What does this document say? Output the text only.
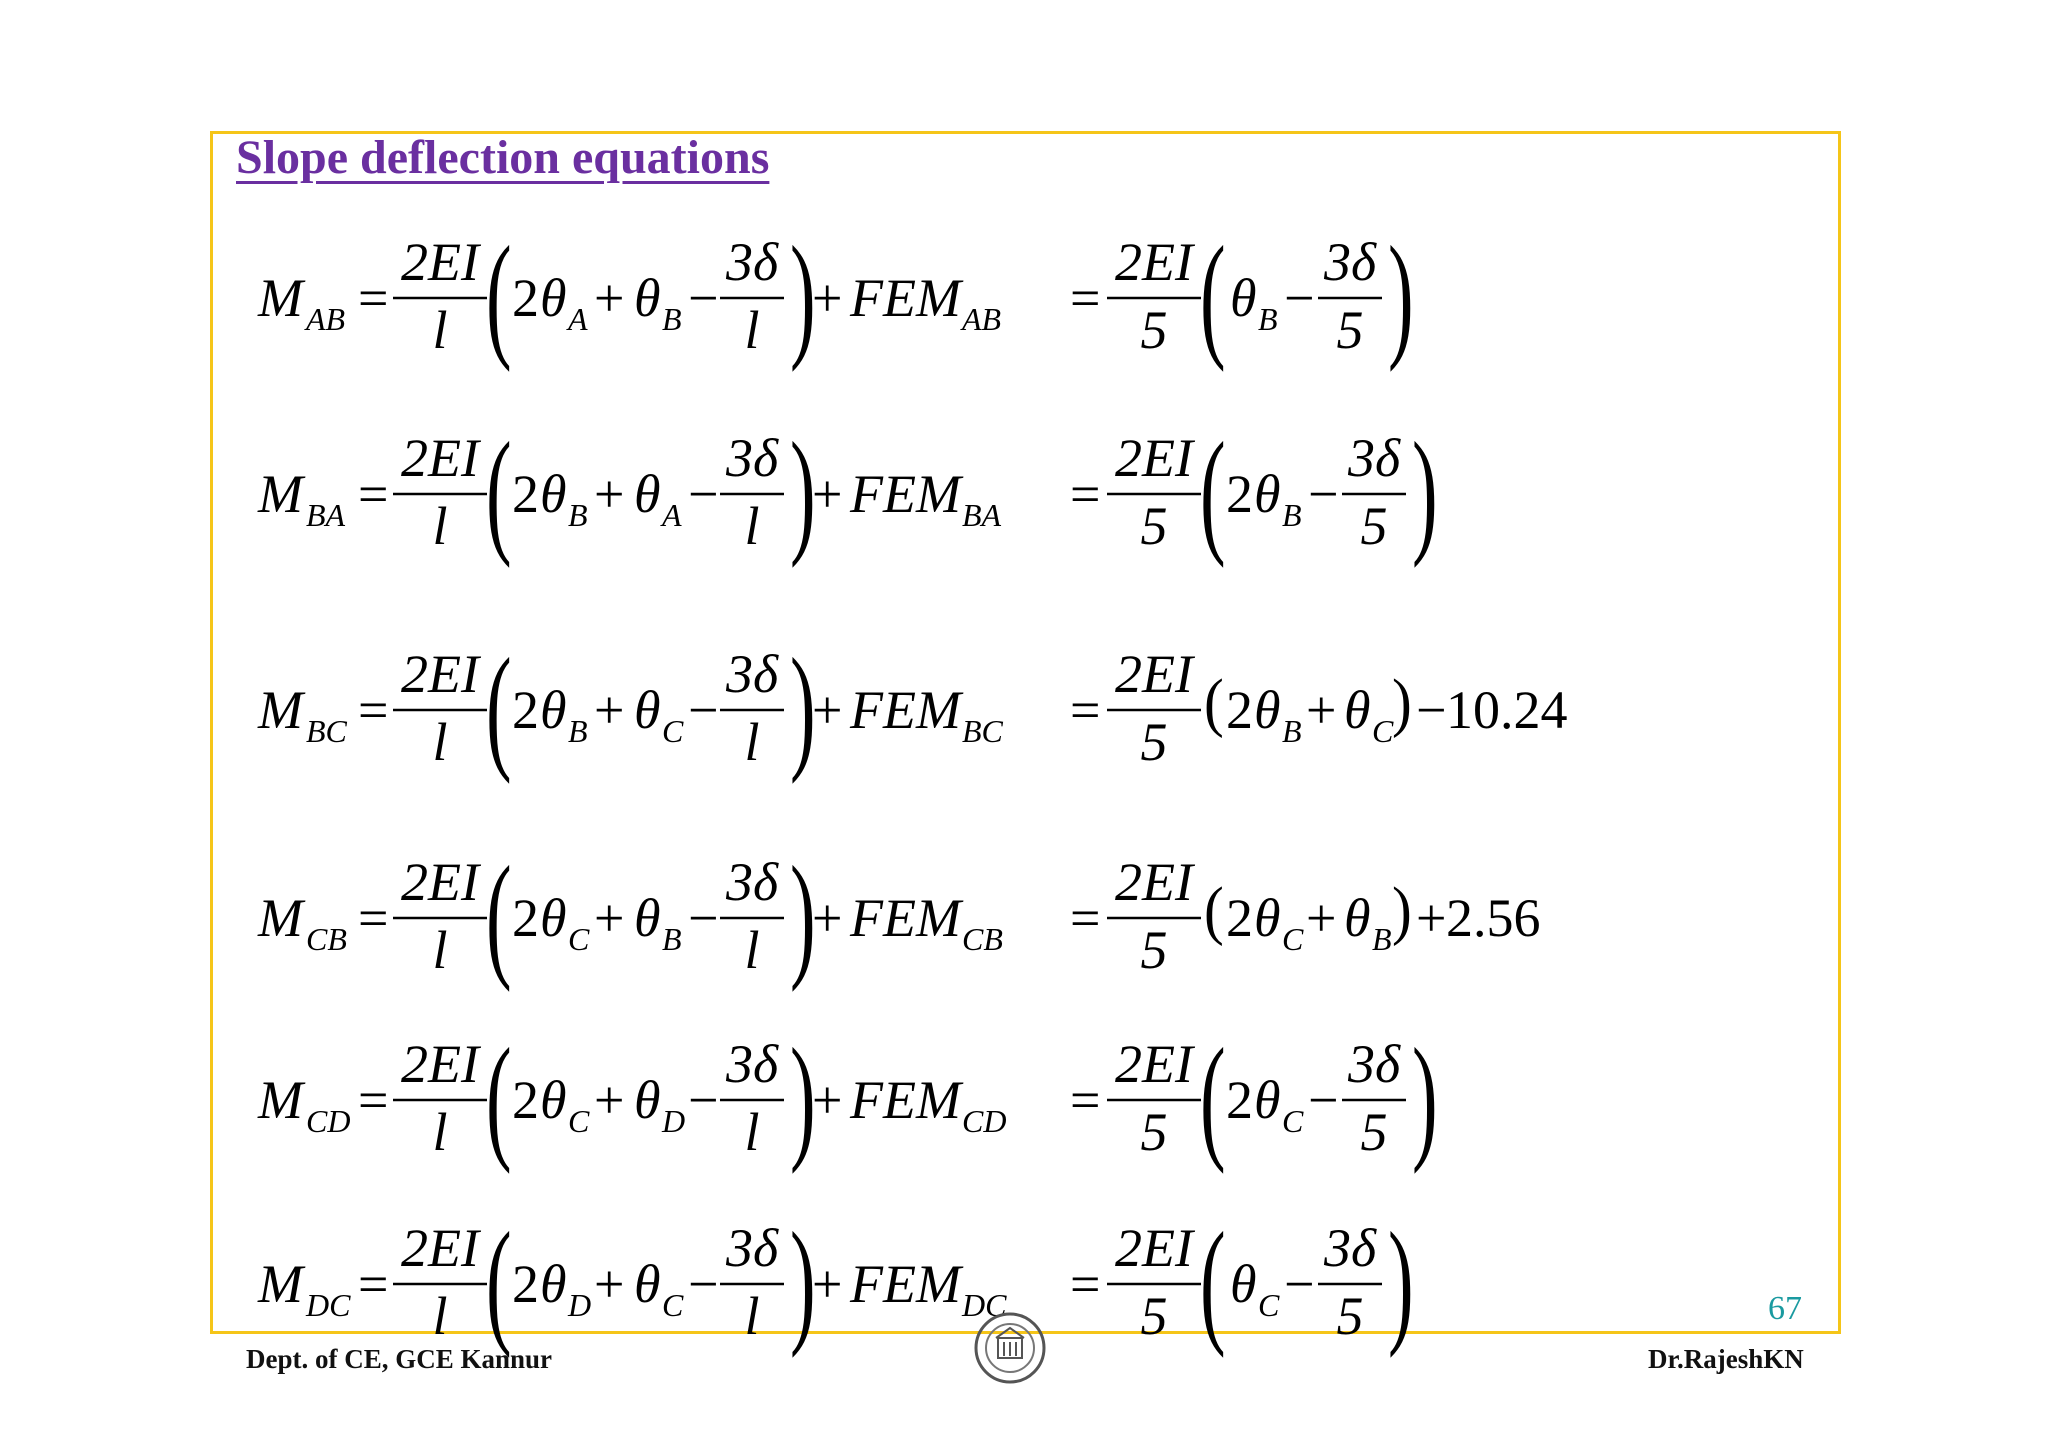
Slope deflection equations
M AB =
2EI
l ( 2 θ A + θ B −
3δ
l )
+ FEM AB =
2EI
5 ( θ B −
3δ
5 )
M BA =
2EI
l ( 2 θ B + θ A −
3δ
l )
+ FEM BA =
2EI
5 ( 2 θ B −
3δ
5 )
M BC =
2EI
l ( 2 θ B + θ C −
3δ
l )
+ FEM BC =
2EI
5
( 2 θ B + θ C
) − 10.24
M CB =
2EI
l ( 2 θ C + θ B −
3δ
l )
+ FEM CB =
2EI
5
( 2 θ C + θ B ) + 2.56
M CD =
2EI
l ( 2 θ C + θ D −
3δ
l )
+ FEM CD =
2EI
5 ( 2 θ C −
3δ
5 )
M DC =
2EI
l ( 2 θ D + θ C −
3δ
l )
+ FEM DC =
2EI
5 ( θ C −
3δ
5 )	67
Dept. of CE, GCE Kannur	Dr.RajeshKN
